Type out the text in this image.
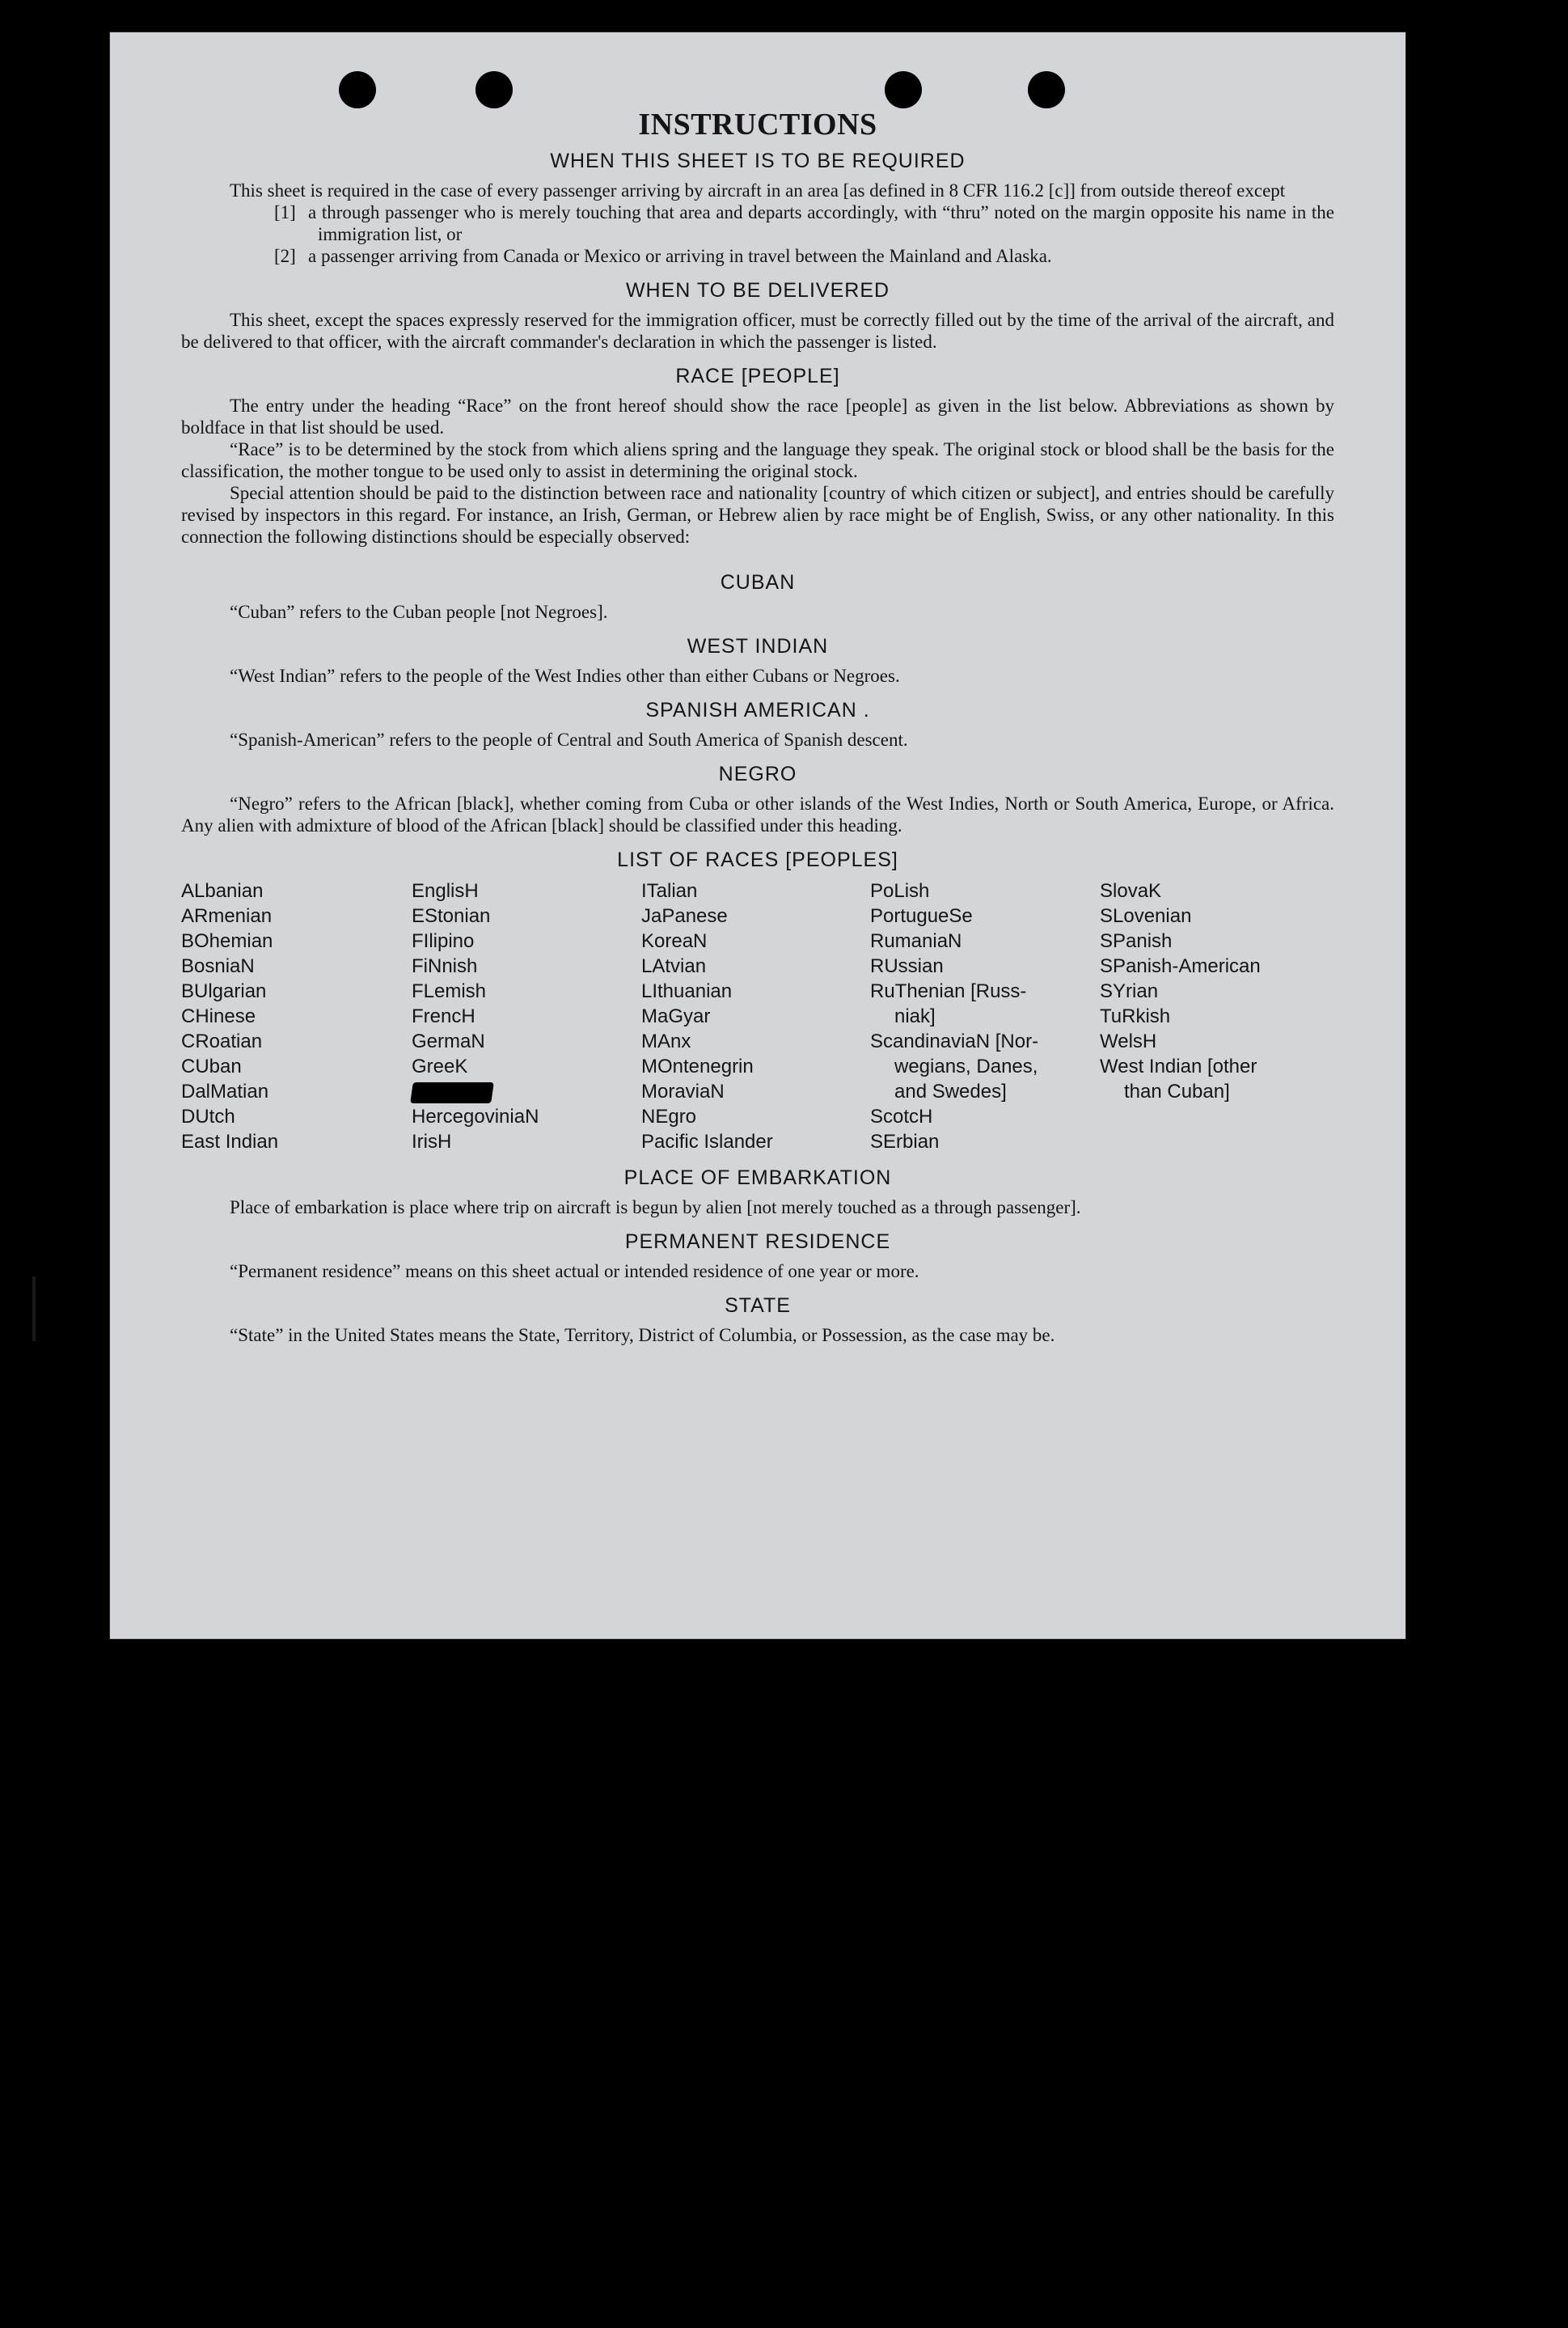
INSTRUCTIONS
WHEN THIS SHEET IS TO BE REQUIRED

This sheet is required in the case of every passenger arriving by aircraft in an area [as defined in 8 CFR 116.2 [c]] from outside thereof except

[1] a through passenger who is merely touching that area and departs accordingly, with “thru” noted on the margin opposite his name in the immigration list, or
[2] a passenger arriving from Canada or Mexico or arriving in travel between the Mainland and Alaska.
WHEN TO BE DELIVERED

This sheet, except the spaces expressly reserved for the immigration officer, must be correctly filled out by the time of the arrival of the aircraft, and be delivered to that officer, with the aircraft commander's declaration in which the passenger is listed.

RACE [PEOPLE]

The entry under the heading “Race” on the front hereof should show the race [people] as given in the list below. Abbreviations as shown by boldface in that list should be used.

“Race” is to be determined by the stock from which aliens spring and the language they speak. The original stock or blood shall be the basis for the classification, the mother tongue to be used only to assist in determining the original stock.

Special attention should be paid to the distinction between race and nationality [country of which citizen or subject], and entries should be carefully revised by inspectors in this regard. For instance, an Irish, German, or Hebrew alien by race might be of English, Swiss, or any other nationality. In this connection the following distinctions should be especially observed:

CUBAN

“Cuban” refers to the Cuban people [not Negroes].

WEST INDIAN

“West Indian” refers to the people of the West Indies other than either Cubans or Negroes.

SPANISH AMERICAN .

“Spanish-American” refers to the people of Central and South America of Spanish descent.

NEGRO

“Negro” refers to the African [black], whether coming from Cuba or other islands of the West Indies, North or South America, Europe, or Africa. Any alien with admixture of blood of the African [black] should be classified under this heading.

LIST OF RACES [PEOPLES]
ALbanian
ARmenian
BOhemian
BosniaN
BUlgarian
CHinese
CRoatian
CUban
DalMatian
DUtch
East Indian
EnglisH
EStonian
FIlipino
FiNnish
FLemish
FrencH
GermaN
GreeK
HercegoviniaN
IrisH
ITalian
JaPanese
KoreaN
LAtvian
LIthuanian
MaGyar
MAnx
MOntenegrin
MoraviaN
NEgro
Pacific Islander
PoLish
PortugueSe
RumaniaN
RUssian
RuThenian [Russ-
niak]
ScandinaviaN [Nor-
wegians, Danes,
and Swedes]
ScotcH
SErbian
SlovaK
SLovenian
SPanish
SPanish-American
SYrian
TuRkish
WelsH
West Indian [other
than Cuban]
PLACE OF EMBARKATION

Place of embarkation is place where trip on aircraft is begun by alien [not merely touched as a through passenger].

PERMANENT RESIDENCE

“Permanent residence” means on this sheet actual or intended residence of one year or more.

STATE

“State” in the United States means the State, Territory, District of Columbia, or Possession, as the case may be.
